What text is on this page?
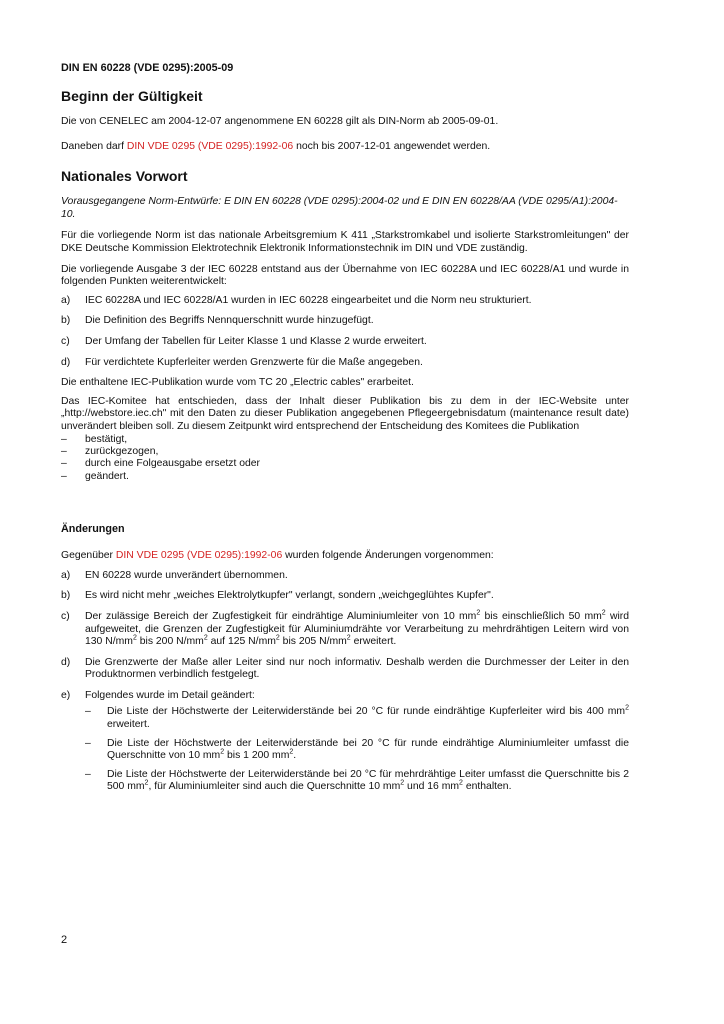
DIN EN 60228 (VDE 0295):2005-09

Beginn der Gültigkeit

Die von CENELEC am 2004-12-07 angenommene EN 60228 gilt als DIN-Norm ab 2005-09-01.

Daneben darf DIN VDE 0295 (VDE 0295):1992-06 noch bis 2007-12-01 angewendet werden.

Nationales Vorwort

Vorausgegangene Norm-Entwürfe: E DIN EN 60228 (VDE 0295):2004-02 und E DIN EN 60228/AA (VDE 0295/A1):2004-10.

Für die vorliegende Norm ist das nationale Arbeitsgremium K 411 „Starkstromkabel und isolierte Starkstromleitungen" der DKE Deutsche Kommission Elektrotechnik Elektronik Informationstechnik im DIN und VDE zuständig.

Die vorliegende Ausgabe 3 der IEC 60228 entstand aus der Übernahme von IEC 60228A und IEC 60228/A1 und wurde in folgenden Punkten weiterentwickelt:

a)	IEC 60228A und IEC 60228/A1 wurden in IEC 60228 eingearbeitet und die Norm neu strukturiert.
b)	Die Definition des Begriffs Nennquerschnitt wurde hinzugefügt.
c)	Der Umfang der Tabellen für Leiter Klasse 1 und Klasse 2 wurde erweitert.
d)	Für verdichtete Kupferleiter werden Grenzwerte für die Maße angegeben.

Die enthaltene IEC-Publikation wurde vom TC 20 „Electric cables" erarbeitet.

Das IEC-Komitee hat entschieden, dass der Inhalt dieser Publikation bis zu dem in der IEC-Website unter „http://webstore.iec.ch" mit den Daten zu dieser Publikation angegebenen Pflegeergebnisdatum (maintenance result date) unverändert bleiben soll. Zu diesem Zeitpunkt wird entsprechend der Entscheidung des Komitees die Publikation

–	bestätigt,
–	zurückgezogen,
–	durch eine Folgeausgabe ersetzt oder
–	geändert.

Änderungen

Gegenüber DIN VDE 0295 (VDE 0295):1992-06 wurden folgende Änderungen vorgenommen:

a)	EN 60228 wurde unverändert übernommen.
b)	Es wird nicht mehr „weiches Elektrolytkupfer" verlangt, sondern „weichgeglühtes Kupfer".
c)	Der zulässige Bereich der Zugfestigkeit für eindrähtige Aluminiumleiter von 10 $mm^2$ bis einschließlich 50 $mm^2$ wird aufgeweitet, die Grenzen der Zugfestigkeit für Aluminiumdrähte vor Verarbeitung zu mehrdrähtigen Leitern wird von 130 $N/mm^2$ bis 200 $N/mm^2$ auf 125 $N/mm^2$ bis 205 $N/mm^2$ erweitert.
d)	Die Grenzwerte der Maße aller Leiter sind nur noch informativ. Deshalb werden die Durchmesser der Leiter in den Produktnormen verbindlich festgelegt.
e)	Folgendes wurde im Detail geändert:
–	Die Liste der Höchstwerte der Leiterwiderstände bei 20 °C für runde eindrähtige Kupferleiter wird bis 400 $mm^2$ erweitert.
–	Die Liste der Höchstwerte der Leiterwiderstände bei 20 °C für runde eindrähtige Aluminiumleiter umfasst die Querschnitte von 10 $mm^2$ bis 1 200 $mm^2$.
–	Die Liste der Höchstwerte der Leiterwiderstände bei 20 °C für mehrdrähtige Leiter umfasst die Querschnitte bis 2 500 $mm^2$, für Aluminiumleiter sind auch die Querschnitte 10 $mm^2$ und 16 $mm^2$ enthalten.
2
